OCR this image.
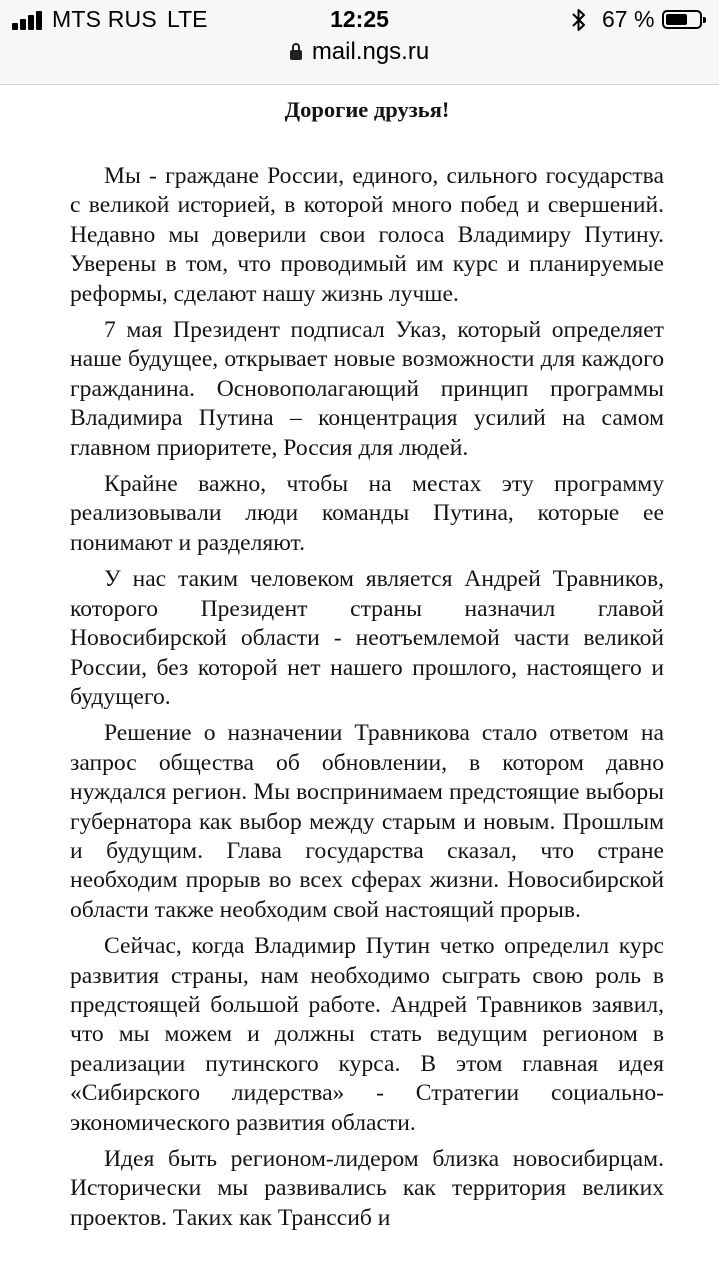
MTS RUS LTE	12:25	67 %
mail.ngs.ru
Дорогие друзья!

Мы - граждане России, единого, сильного государства с великой историей, в которой много побед и свершений. Недавно мы доверили свои голоса Владимиру Путину. Уверены в том, что проводимый им курс и планируемые реформы, сделают нашу жизнь лучше.

7 мая Президент подписал Указ, который определяет наше будущее, открывает новые возможности для каждого гражданина. Основополагающий принцип программы Владимира Путина – концентрация усилий на самом главном приоритете, Россия для людей.

Крайне важно, чтобы на местах эту программу реализовывали люди команды Путина, которые ее понимают и разделяют.

У нас таким человеком является Андрей Травников, которого Президент страны назначил главой Новосибирской области - неотъемлемой части великой России, без которой нет нашего прошлого, настоящего и будущего.

Решение о назначении Травникова стало ответом на запрос общества об обновлении, в котором давно нуждался регион. Мы воспринимаем предстоящие выборы губернатора как выбор между старым и новым. Прошлым и будущим. Глава государства сказал, что стране необходим прорыв во всех сферах жизни. Новосибирской области также необходим свой настоящий прорыв.

Сейчас, когда Владимир Путин четко определил курс развития страны, нам необходимо сыграть свою роль в предстоящей большой работе. Андрей Травников заявил, что мы можем и должны стать ведущим регионом в реализации путинского курса. В этом главная идея «Сибирского лидерства» - Стратегии социально-экономического развития области.

Идея быть регионом-лидером близка новосибирцам. Исторически мы развивались как территория великих проектов. Таких как Транссиб и
